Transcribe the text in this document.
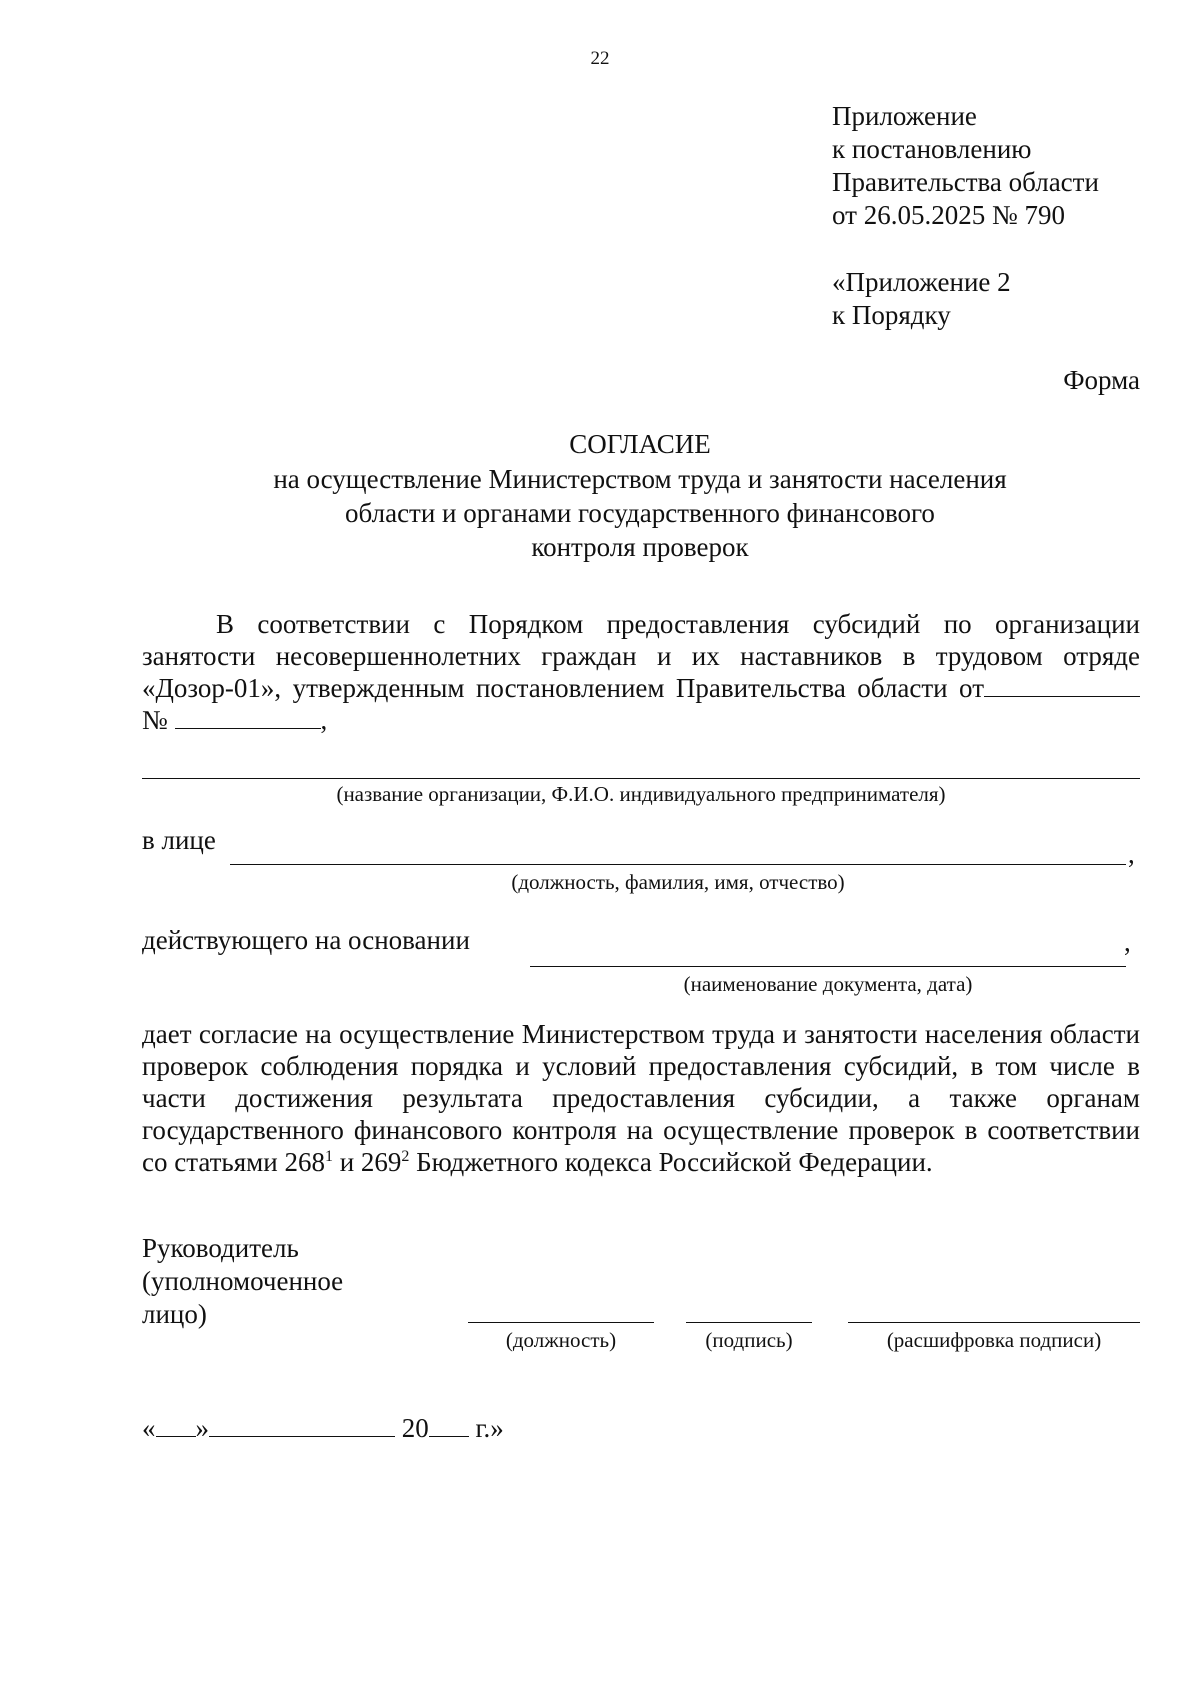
22
Приложение
к постановлению
Правительства области
от 26.05.2025 № 790
«Приложение 2
к Порядку
Форма
СОГЛАСИЕ
на осуществление Министерством труда и занятости населения
области и органами государственного финансового
контроля проверок
В соответствии с Порядком предоставления субсидий по организации занятости несовершеннолетних граждан и их наставников в трудовом отряде «Дозор-01», утвержденным постановлением Правительства области от №	,
(название организации, Ф.И.О. индивидуального предпринимателя)
в лице	,
(должность, фамилия, имя, отчество)
действующего на основании	,
(наименование документа, дата)
дает согласие на осуществление Министерством труда и занятости населения области проверок соблюдения порядка и условий предоставления субсидий, в том числе в части достижения результата предоставления субсидии, а также органам государственного финансового контроля на осуществление проверок в соответствии со статьями $268^1$ и $269^2$ Бюджетного кодекса Российской Федерации.
Руководитель
(уполномоченное
лицо)
(должность)	(подпись)	(расшифровка подписи)
« »	20 г.»
